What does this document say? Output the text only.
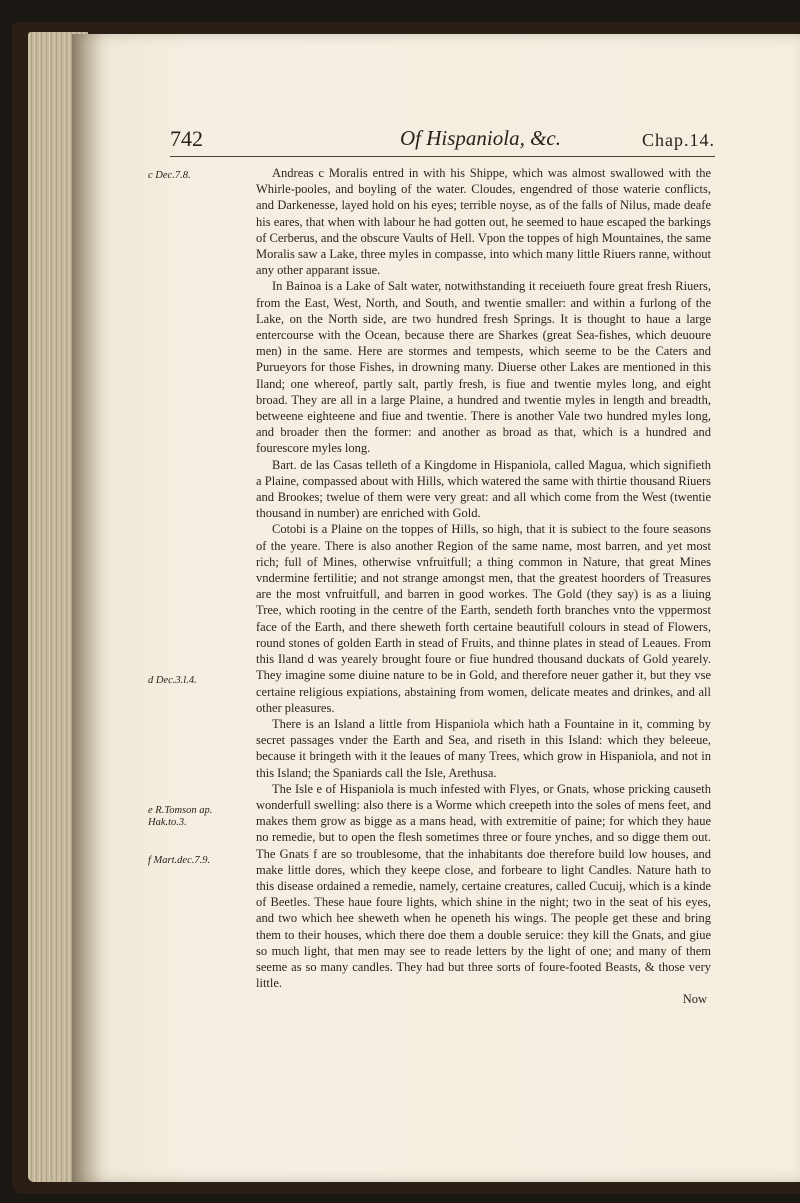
742	Of Hispaniola, &c.	Chap.14.
c Dec.7.8.
d Dec.3.l.4.
e R.Tomson ap. Hak.to.3.
f Mart.dec.7.9.

Andreas c Moralis entred in with his Shippe, which was almost swallowed with the Whirle-pooles, and boyling of the water. Cloudes, engendred of those waterie conflicts, and Darkenesse, layed hold on his eyes; terrible noyse, as of the falls of Nilus, made deafe his eares, that when with labour he had gotten out, he seemed to haue escaped the barkings of Cerberus, and the obscure Vaults of Hell. Vpon the toppes of high Mountaines, the same Moralis saw a Lake, three myles in compasse, into which many little Riuers ranne, without any other apparant issue.

In Bainoa is a Lake of Salt water, notwithstanding it receiueth foure great fresh Riuers, from the East, West, North, and South, and twentie smaller: and within a furlong of the Lake, on the North side, are two hundred fresh Springs. It is thought to haue a large entercourse with the Ocean, because there are Sharkes (great Sea-fishes, which deuoure men) in the same. Here are stormes and tempests, which seeme to be the Caters and Purueyors for those Fishes, in drowning many. Diuerse other Lakes are mentioned in this Iland; one whereof, partly salt, partly fresh, is fiue and twentie myles long, and eight broad. They are all in a large Plaine, a hundred and twentie myles in length and breadth, betweene eighteene and fiue and twentie. There is another Vale two hundred myles long, and broader then the former: and another as broad as that, which is a hundred and fourescore myles long.

Bart. de las Casas telleth of a Kingdome in Hispaniola, called Magua, which signifieth a Plaine, compassed about with Hills, which watered the same with thirtie thousand Riuers and Brookes; twelue of them were very great: and all which come from the West (twentie thousand in number) are enriched with Gold.

Cotobi is a Plaine on the toppes of Hills, so high, that it is subiect to the foure seasons of the yeare. There is also another Region of the same name, most barren, and yet most rich; full of Mines, otherwise vnfruitfull; a thing common in Nature, that great Mines vndermine fertilitie; and not strange amongst men, that the greatest hoorders of Treasures are the most vnfruitfull, and barren in good workes. The Gold (they say) is as a liuing Tree, which rooting in the centre of the Earth, sendeth forth branches vnto the vppermost face of the Earth, and there sheweth forth certaine beautifull colours in stead of Flowers, round stones of golden Earth in stead of Fruits, and thinne plates in stead of Leaues. From this Iland d was yearely brought foure or fiue hundred thousand duckats of Gold yearely. They imagine some diuine nature to be in Gold, and therefore neuer gather it, but they vse certaine religious expiations, abstaining from women, delicate meates and drinkes, and all other pleasures.

There is an Island a little from Hispaniola which hath a Fountaine in it, comming by secret passages vnder the Earth and Sea, and riseth in this Island: which they beleeue, because it bringeth with it the leaues of many Trees, which grow in Hispaniola, and not in this Island; the Spaniards call the Isle, Arethusa.

The Isle e of Hispaniola is much infested with Flyes, or Gnats, whose pricking causeth wonderfull swelling: also there is a Worme which creepeth into the soles of mens feet, and makes them grow as bigge as a mans head, with extremitie of paine; for which they haue no remedie, but to open the flesh sometimes three or foure ynches, and so digge them out. The Gnats f are so troublesome, that the inhabitants doe therefore build low houses, and make little dores, which they keepe close, and forbeare to light Candles. Nature hath to this disease ordained a remedie, namely, certaine creatures, called Cucuij, which is a kinde of Beetles. These haue foure lights, which shine in the night; two in the seat of his eyes, and two which hee sheweth when he openeth his wings. The people get these and bring them to their houses, which there doe them a double seruice: they kill the Gnats, and giue so much light, that men may see to reade letters by the light of one; and many of them seeme as so many candles. They had but three sorts of foure-footed Beasts, & those very little.

Now
